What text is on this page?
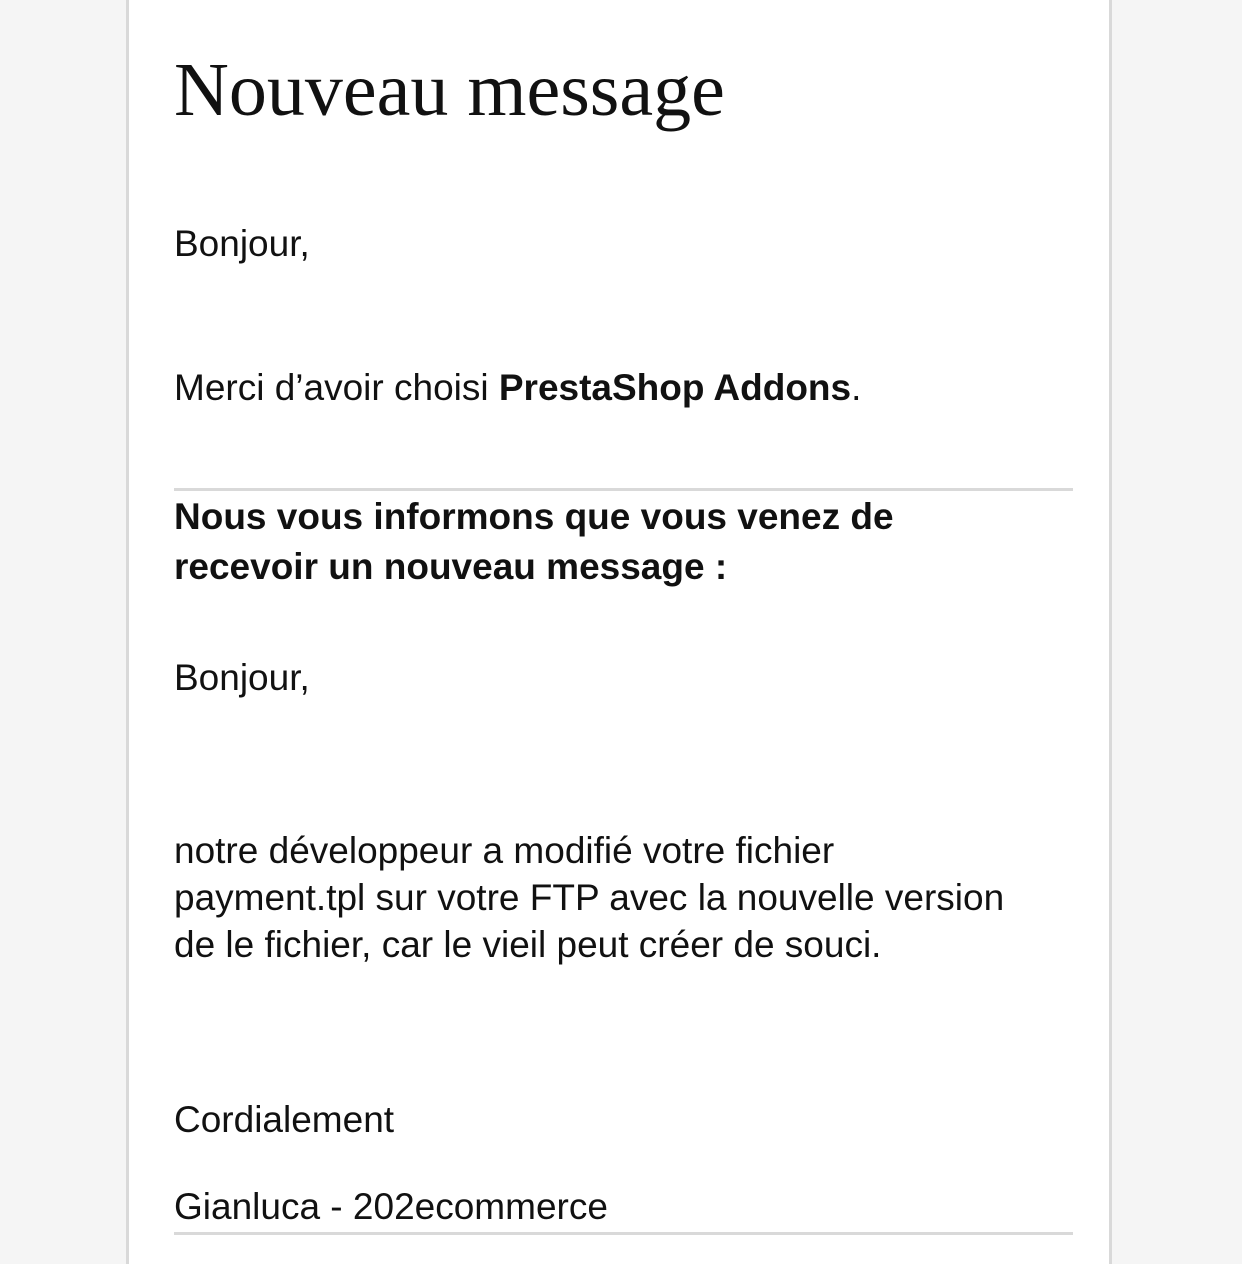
Nouveau message

Bonjour,

Merci d’avoir choisi PrestaShop Addons.

Nous vous informons que vous venez de

recevoir un nouveau message :

Bonjour,

notre développeur a modifié votre fichier

payment.tpl sur votre FTP avec la nouvelle version

de le fichier, car le vieil peut créer de souci.

Cordialement

Gianluca - 202ecommerce
